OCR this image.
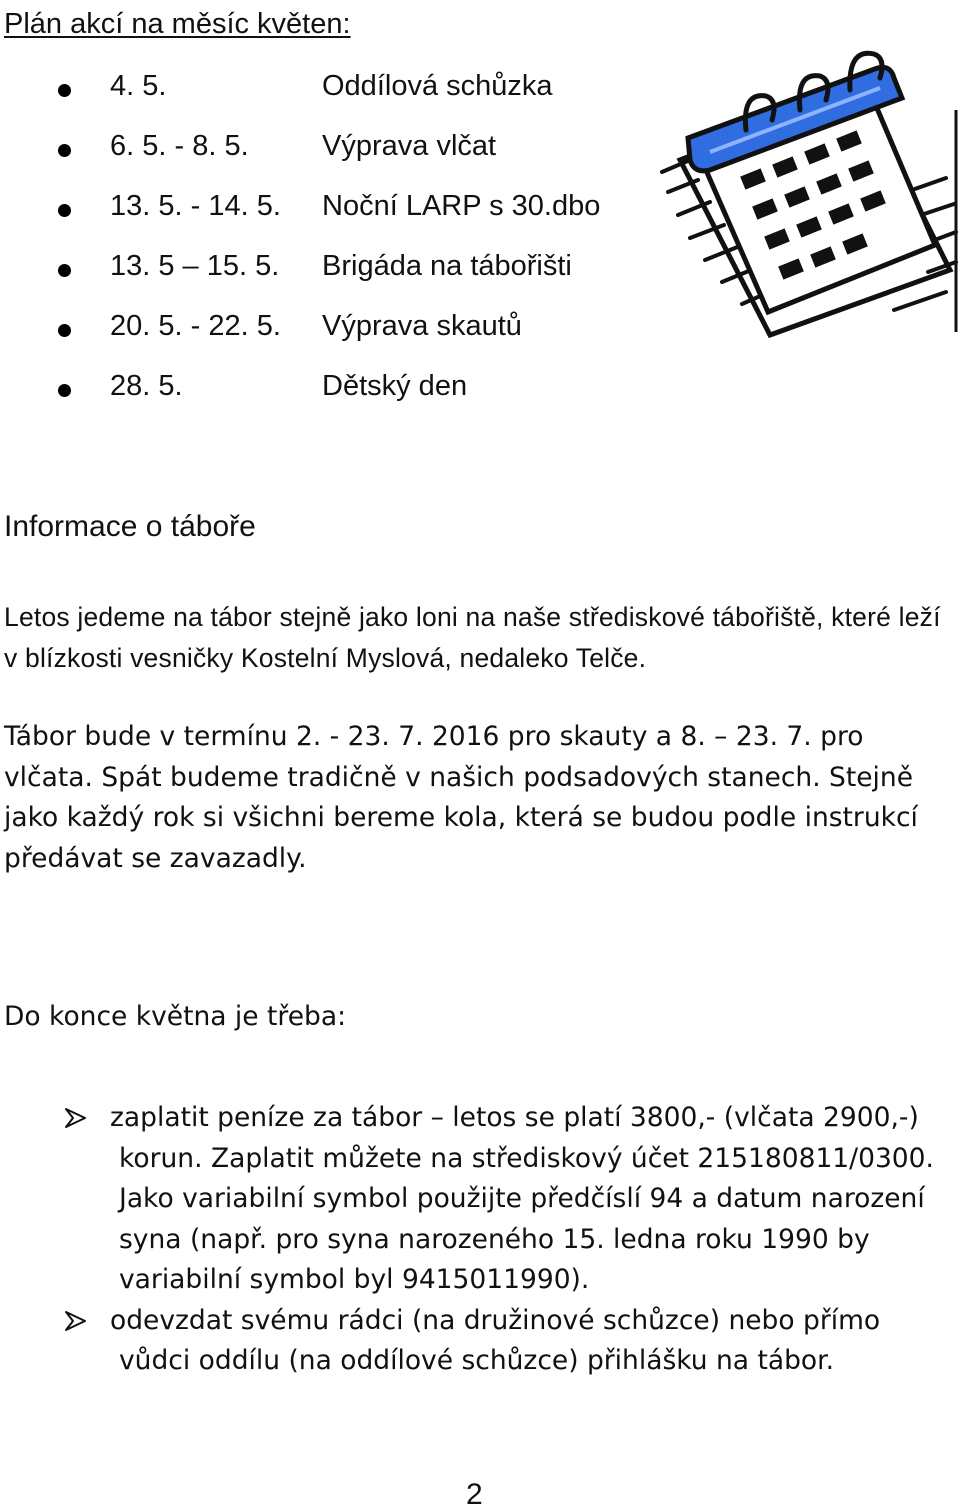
Plán akcí na měsíc květen:
4. 5.	Oddílová schůzka
6. 5. - 8. 5.	Výprava vlčat
13. 5. - 14. 5. Noční LARP s 30.dbo
13. 5 – 15. 5. Brigáda na tábořišti
20. 5. - 22. 5. Výprava skautů
28. 5.	Dětský den
Informace o táboře

Letos jedeme na tábor stejně jako loni na naše střediskové tábořiště, které leží v blízkosti vesničky Kostelní Myslová, nedaleko Telče.

Tábor bude v termínu 2. - 23. 7. 2016 pro skauty a 8. – 23. 7. pro vlčata. Spát budeme tradičně v našich podsadových stanech. Stejně jako každý rok si všichni bereme kola, která se budou podle instrukcí předávat se zavazadly.

Do konce května je třeba:
zaplatit peníze za tábor – letos se platí 3800,- (vlčata 2900,-)
korun. Zaplatit můžete na střediskový účet 215180811/0300. Jako variabilní symbol použijte předčíslí 94 a datum narození syna (např. pro syna narozeného 15. ledna roku 1990 by variabilní symbol byl 9415011990).
odevzdat svému rádci (na družinové schůzce) nebo přímo
vůdci oddílu (na oddílové schůzce) přihlášku na tábor.
2
